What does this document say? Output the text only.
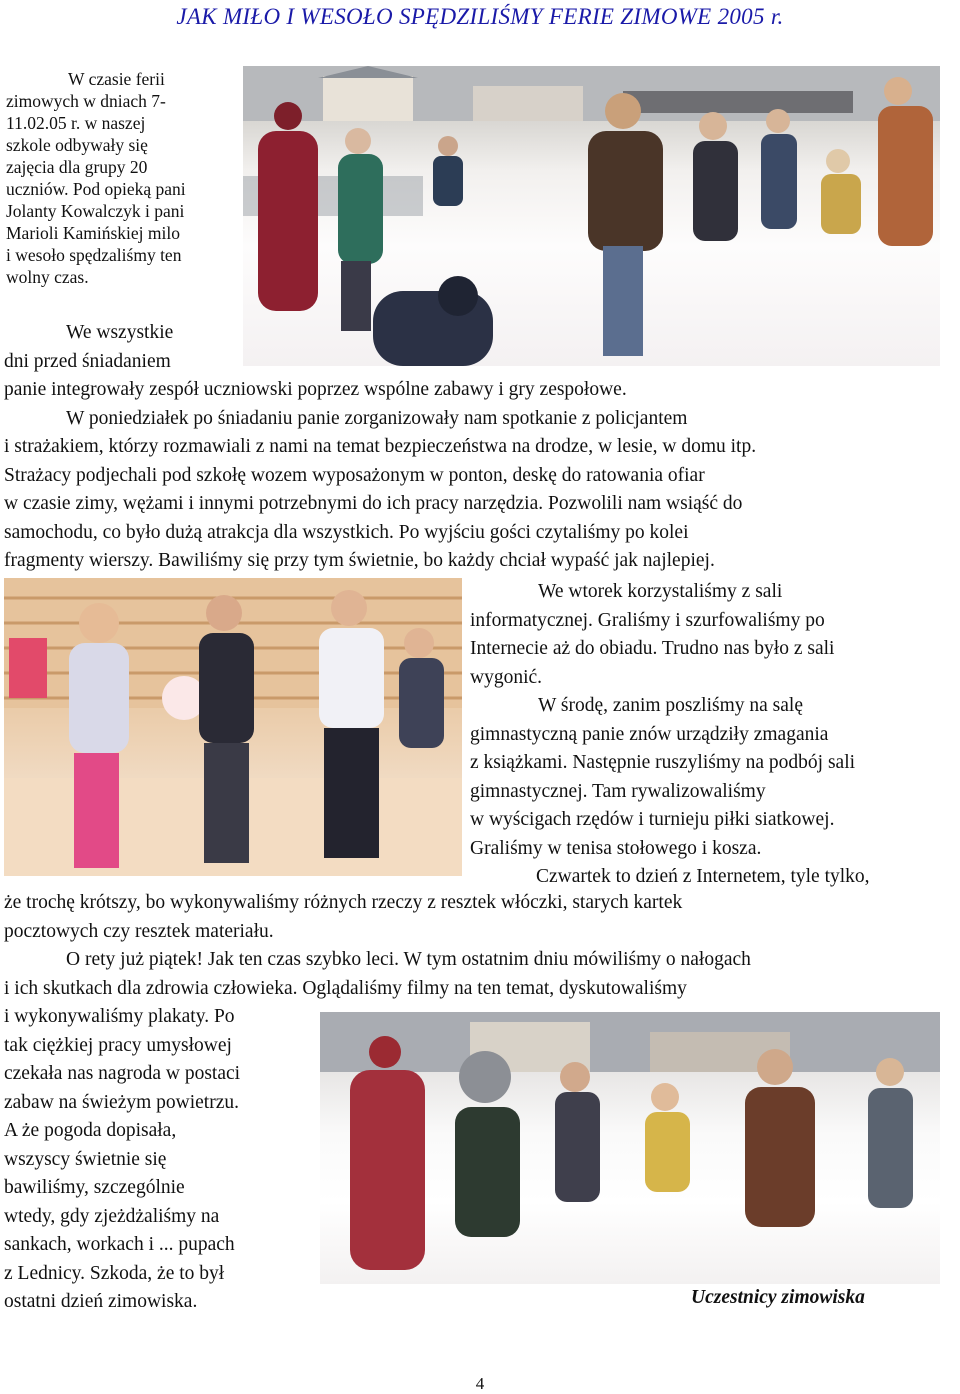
JAK MIŁO I WESOŁO SPĘDZILIŚMY FERIE ZIMOWE 2005 r.
W czasie ferii
zimowych w dniach 7-
11.02.05 r. w naszej
szkole odbywały się
zajęcia dla grupy 20
uczniów. Pod opieką pani
Jolanty Kowalczyk i pani
Marioli Kamińskiej milo
i wesoło spędzaliśmy ten
wolny czas.
We wszystkie
dni przed śniadaniem
panie integrowały zespół uczniowski poprzez wspólne zabawy i gry zespołowe.
W poniedziałek po śniadaniu panie zorganizowały nam spotkanie z policjantem
i strażakiem, którzy rozmawiali z nami na temat bezpieczeństwa na drodze, w lesie, w domu itp.
Strażacy podjechali pod szkołę wozem wyposażonym w ponton, deskę do ratowania ofiar
w czasie zimy, wężami i innymi potrzebnymi do ich pracy narzędzia. Pozwolili nam wsiąść do
samochodu, co było dużą atrakcja dla wszystkich. Po wyjściu gości czytaliśmy po kolei
fragmenty wierszy. Bawiliśmy się przy tym świetnie, bo każdy chciał wypaść jak najlepiej.
We wtorek korzystaliśmy z sali
informatycznej. Graliśmy i szurfowaliśmy po
Internecie aż do obiadu. Trudno nas było z sali
wygonić.
W środę, zanim poszliśmy na salę
gimnastyczną panie znów urządziły zmagania
z książkami. Następnie ruszyliśmy na podbój sali
gimnastycznej. Tam rywalizowaliśmy
w wyścigach rzędów i turnieju piłki siatkowej.
Graliśmy w tenisa stołowego i kosza.
Czwartek to dzień z Internetem, tyle tylko,
że trochę krótszy, bo wykonywaliśmy różnych rzeczy z resztek włóczki, starych kartek
pocztowych czy resztek materiału.
O rety już piątek! Jak ten czas szybko leci. W tym ostatnim dniu mówiliśmy o nałogach
i ich skutkach dla zdrowia człowieka. Oglądaliśmy filmy na ten temat, dyskutowaliśmy
i wykonywaliśmy plakaty. Po
tak ciężkiej pracy umysłowej
czekała nas nagroda w postaci
zabaw na świeżym powietrzu.
A że pogoda dopisała,
wszyscy świetnie się
bawiliśmy, szczególnie
wtedy, gdy zjeżdżaliśmy na
sankach, workach i ... pupach
z Lednicy. Szkoda, że to był
ostatni dzień zimowiska.	Uczestnicy zimowiska
4
